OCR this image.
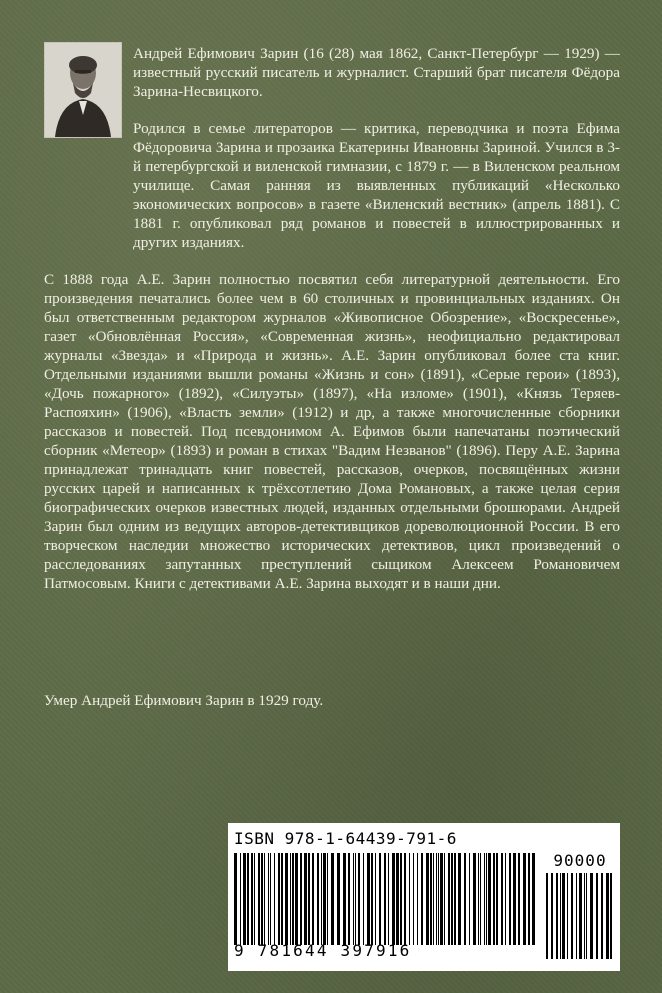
Андрей Ефимович Зарин (16 (28) мая 1862, Санкт-Петербург — 1929) — известный русский писатель и журналист. Старший брат писателя Фёдора Зарина-Несвицкого.

Родился в семье литераторов — критика, переводчика и поэта Ефима Фёдоровича Зарина и прозаика Екатерины Ивановны Зариной. Учился в 3-й петербургской и виленской гимназии, с 1879 г. — в Виленском реальном училище. Самая ранняя из выявленных публикаций «Несколько экономических вопросов» в газете «Виленский вестник» (апрель 1881). С 1881 г. опубликовал ряд романов и повестей в иллюстрированных и других изданиях.

С 1888 года А.Е. Зарин полностью посвятил себя литературной деятельности. Его произведения печатались более чем в 60 столичных и провинциальных изданиях. Он был ответственным редактором журналов «Живописное Обозрение», «Воскресенье», газет «Обновлённая Россия», «Современная жизнь», неофициально редактировал журналы «Звезда» и «Природа и жизнь». А.Е. Зарин опубликовал более ста книг. Отдельными изданиями вышли романы «Жизнь и сон» (1891), «Серые герои» (1893), «Дочь пожарного» (1892), «Силуэты» (1897), «На изломе» (1901), «Князь Теряев-Распояхин» (1906), «Власть земли» (1912) и др, а также многочисленные сборники рассказов и повестей. Под псевдонимом А. Ефимов были напечатаны поэтический сборник «Метеор» (1893) и роман в стихах "Вадим Незванов" (1896). Перу А.Е. Зарина принадлежат тринадцать книг повестей, рассказов, очерков, посвящённых жизни русских царей и написанных к трёхсотлетию Дома Романовых, а также целая серия биографических очерков известных людей, изданных отдельными брошюрами. Андрей Зарин был одним из ведущих авторов-детективщиков дореволюционной России. В его творческом наследии множество исторических детективов, цикл произведений о расследованиях запутанных преступлений сыщиком Алексеем Романовичем Патмосовым. Книги с детективами А.Е. Зарина выходят и в наши дни.

Умер Андрей Ефимович Зарин в 1929 году.

ISBN 978-1-64439-791-6
90000
9 781644 397916
